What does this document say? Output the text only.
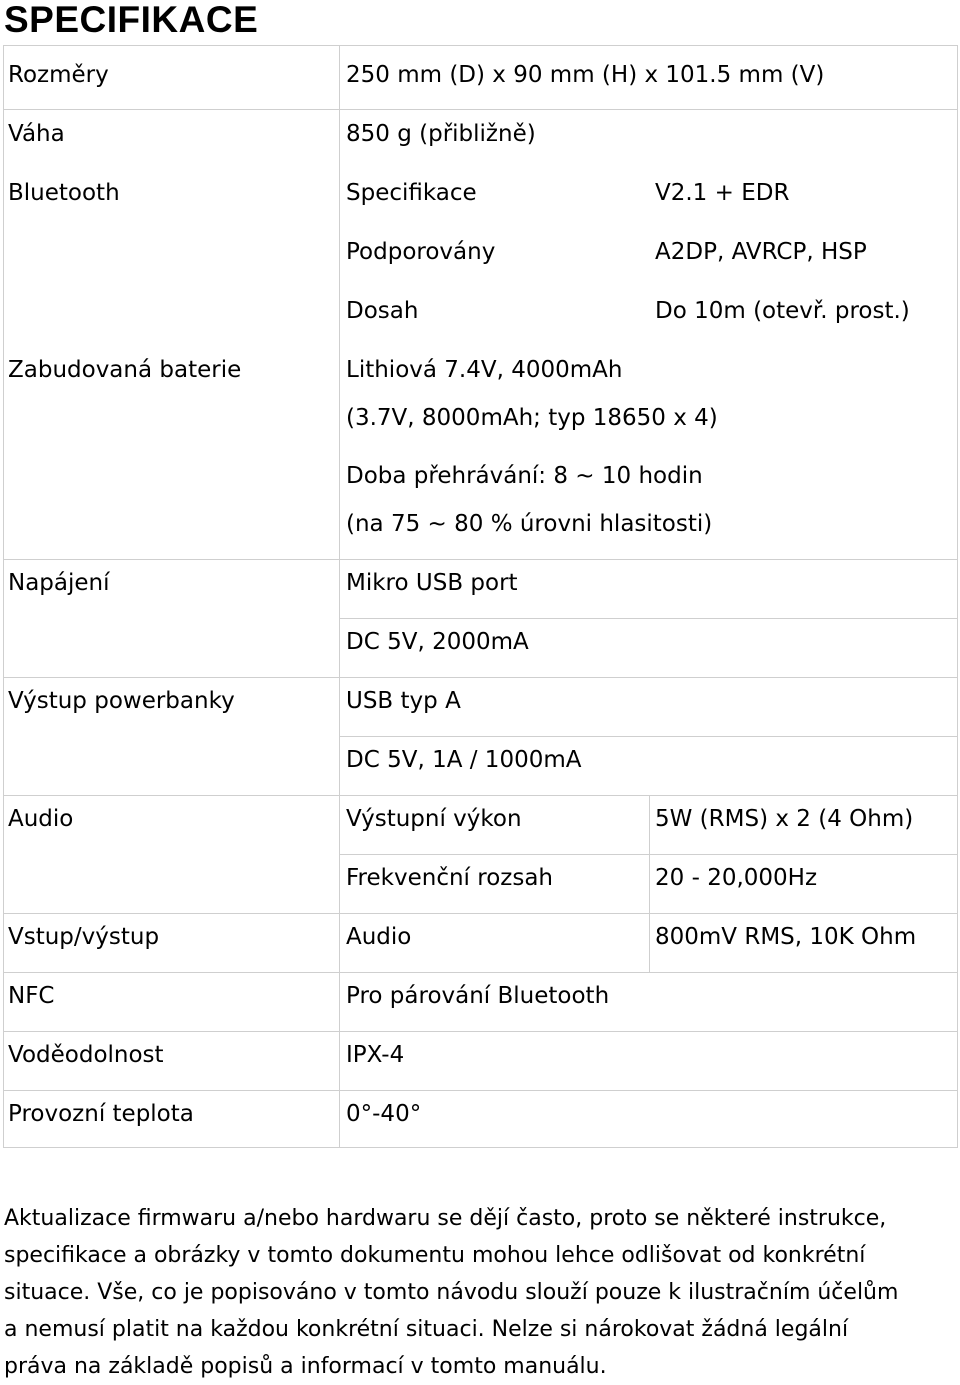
SPECIFIKACE
Rozměry	250 mm (D) x 90 mm (H) x 101.5 mm (V)
Váha	850 g (přibližně)
Bluetooth	Specifikace	V2.1 + EDR
Podporovány	A2DP, AVRCP, HSP
Dosah	Do 10m (otevř. prost.)
Zabudovaná baterie	Lithiová 7.4V, 4000mAh
(3.7V, 8000mAh; typ 18650 x 4)
Doba přehrávání: 8 ~ 10 hodin
(na 75 ~ 80 % úrovni hlasitosti)
Napájení	Mikro USB port
DC 5V, 2000mA
Výstup powerbanky	USB typ A
DC 5V, 1A / 1000mA
Audio	Výstupní výkon	5W (RMS) x 2 (4 Ohm)
Frekvenční rozsah	20 - 20,000Hz
Vstup/výstup	Audio	800mV RMS, 10K Ohm
NFC	Pro párování Bluetooth
Voděodolnost	IPX-4
Provozní teplota	0°-40°
Aktualizace firmwaru a/nebo hardwaru se dějí často, proto se některé instrukce,
specifikace a obrázky v tomto dokumentu mohou lehce odlišovat od konkrétní
situace. Vše, co je popisováno v tomto návodu slouží pouze k ilustračním účelům
a nemusí platit na každou konkrétní situaci. Nelze si nárokovat žádná legální
práva na základě popisů a informací v tomto manuálu.
